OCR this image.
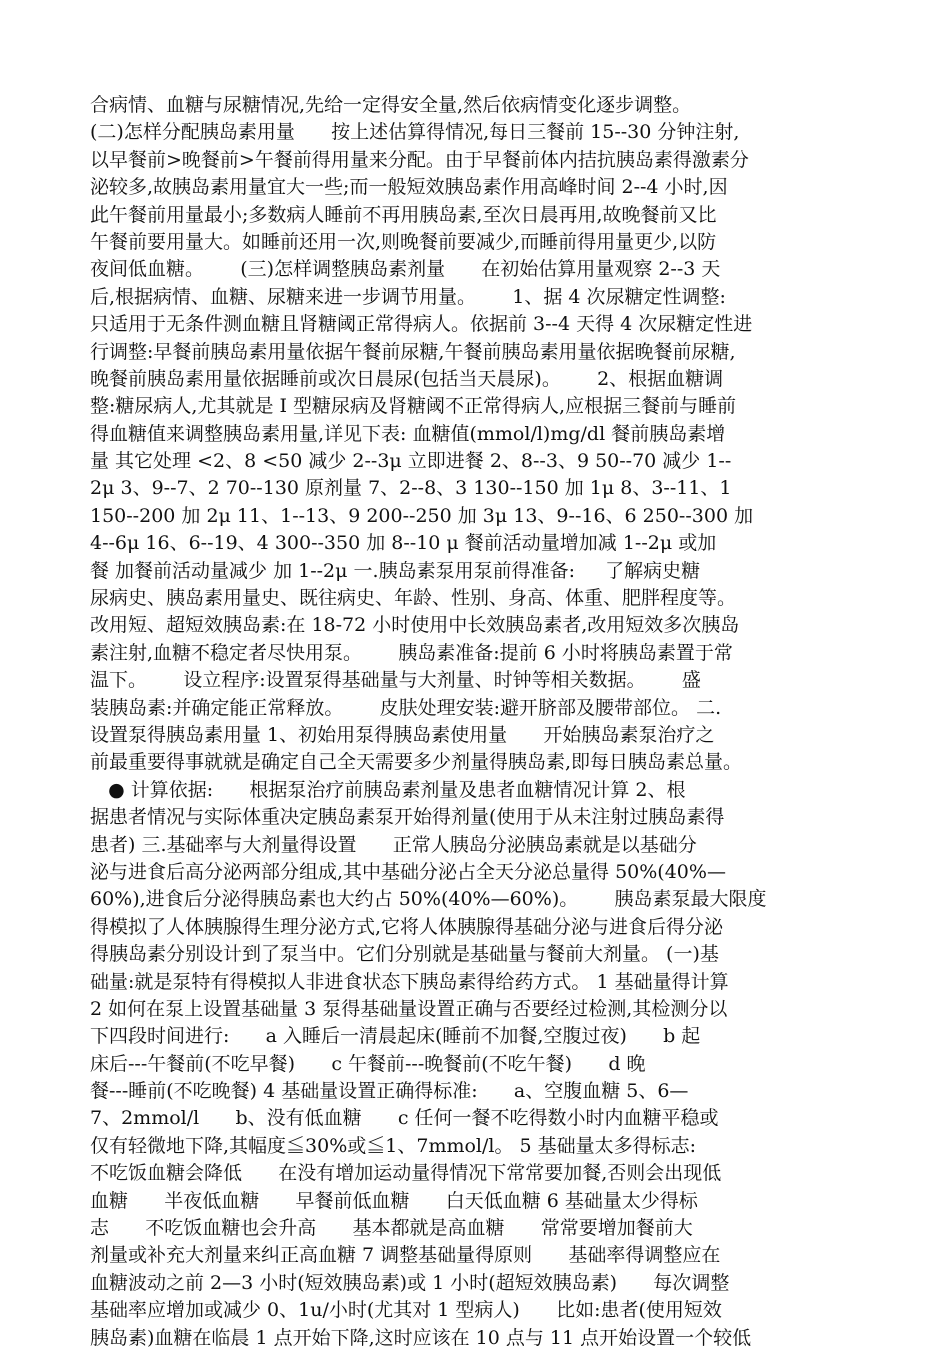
合病情、血糖与尿糖情况,先给一定得安全量,然后依病情变化逐步调整。
(二)怎样分配胰岛素用量      按上述估算得情况,每日三餐前 15--30 分钟注射,
以早餐前>晚餐前>午餐前得用量来分配。由于早餐前体内拮抗胰岛素得激素分
泌较多,故胰岛素用量宜大一些;而一般短效胰岛素作用高峰时间 2--4 小时,因
此午餐前用量最小;多数病人睡前不再用胰岛素,至次日晨再用,故晚餐前又比
午餐前要用量大。如睡前还用一次,则晚餐前要减少,而睡前得用量更少,以防
夜间低血糖。      (三)怎样调整胰岛素剂量      在初始估算用量观察 2--3 天
后,根据病情、血糖、尿糖来进一步调节用量。      1、据 4 次尿糖定性调整:
只适用于无条件测血糖且肾糖阈正常得病人。依据前 3--4 天得 4 次尿糖定性进
行调整:早餐前胰岛素用量依据午餐前尿糖,午餐前胰岛素用量依据晚餐前尿糖,
晚餐前胰岛素用量依据睡前或次日晨尿(包括当天晨尿)。      2、根据血糖调
整:糖尿病人,尤其就是 I 型糖尿病及肾糖阈不正常得病人,应根据三餐前与睡前
得血糖值来调整胰岛素用量,详见下表: 血糖值(mmol/l)mg/dl 餐前胰岛素增
量 其它处理 <2、8 <50 减少 2--3μ 立即进餐 2、8--3、9 50--70 减少 1--
2μ 3、9--7、2 70--130 原剂量 7、2--8、3 130--150 加 1μ 8、3--11、1
150--200 加 2μ 11、1--13、9 200--250 加 3μ 13、9--16、6 250--300 加
4--6μ 16、6--19、4 300--350 加 8--10 μ 餐前活动量增加减 1--2μ 或加
餐 加餐前活动量减少 加 1--2μ 一.胰岛素泵用泵前得准备:     了解病史糖
尿病史、胰岛素用量史、既往病史、年龄、性别、身高、体重、肥胖程度等。
改用短、超短效胰岛素:在 18-72 小时使用中长效胰岛素者,改用短效多次胰岛
素注射,血糖不稳定者尽快用泵。      胰岛素准备:提前 6 小时将胰岛素置于常
温下。      设立程序:设置泵得基础量与大剂量、时钟等相关数据。      盛
装胰岛素:并确定能正常释放。      皮肤处理安装:避开脐部及腰带部位。 二.
设置泵得胰岛素用量 1、初始用泵得胰岛素使用量      开始胰岛素泵治疗之
前最重要得事就就是确定自己全天需要多少剂量得胰岛素,即每日胰岛素总量。
● 计算依据:      根据泵治疗前胰岛素剂量及患者血糖情况计算 2、根
据患者情况与实际体重决定胰岛素泵开始得剂量(使用于从未注射过胰岛素得
患者) 三.基础率与大剂量得设置      正常人胰岛分泌胰岛素就是以基础分
泌与进食后高分泌两部分组成,其中基础分泌占全天分泌总量得 50%(40%—
60%),进食后分泌得胰岛素也大约占 50%(40%—60%)。      胰岛素泵最大限度
得模拟了人体胰腺得生理分泌方式,它将人体胰腺得基础分泌与进食后得分泌
得胰岛素分别设计到了泵当中。它们分别就是基础量与餐前大剂量。 (一)基
础量:就是泵特有得模拟人非进食状态下胰岛素得给药方式。 1 基础量得计算
2 如何在泵上设置基础量 3 泵得基础量设置正确与否要经过检测,其检测分以
下四段时间进行:      a 入睡后一清晨起床(睡前不加餐,空腹过夜)      b 起
床后---午餐前(不吃早餐)      c 午餐前---晚餐前(不吃午餐)      d 晚
餐---睡前(不吃晚餐) 4 基础量设置正确得标准:      a、空腹血糖 5、6—
7、2mmol/l      b、没有低血糖      c 任何一餐不吃得数小时内血糖平稳或
仅有轻微地下降,其幅度≦30%或≦1、7mmol/l。 5 基础量太多得标志:
不吃饭血糖会降低      在没有增加运动量得情况下常常要加餐,否则会出现低
血糖      半夜低血糖      早餐前低血糖      白天低血糖 6 基础量太少得标
志      不吃饭血糖也会升高      基本都就是高血糖      常常要增加餐前大
剂量或补充大剂量来纠正高血糖 7 调整基础量得原则      基础率得调整应在
血糖波动之前 2—3 小时(短效胰岛素)或 1 小时(超短效胰岛素)      每次调整
基础率应增加或减少 0、1u/小时(尤其对 1 型病人)      比如:患者(使用短效
胰岛素)血糖在临晨 1 点开始下降,这时应该在 10 点与 11 点开始设置一个较低
